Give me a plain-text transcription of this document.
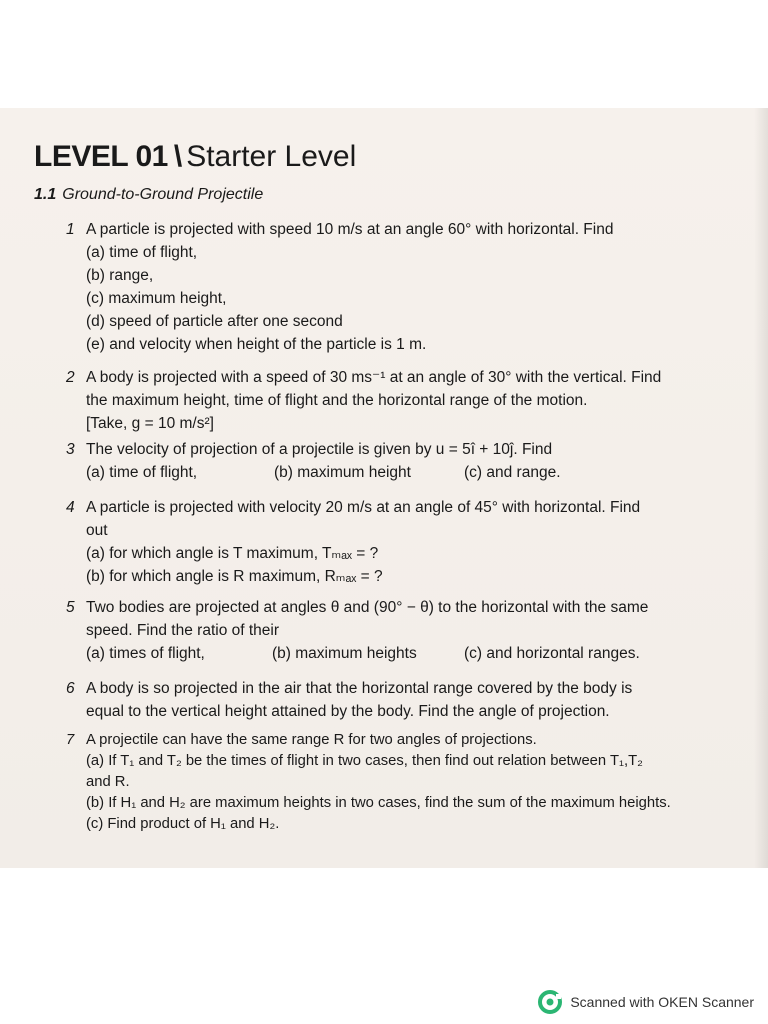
LEVEL 01 \ Starter Level
1.1 Ground-to-Ground Projectile
1 A particle is projected with speed 10 m/s at an angle 60° with horizontal. Find
(a) time of flight,
(b) range,
(c) maximum height,
(d) speed of particle after one second
(e) and velocity when height of the particle is 1 m.
2 A body is projected with a speed of 30 ms⁻¹ at an angle of 30° with the vertical. Find
the maximum height, time of flight and the horizontal range of the motion.
[Take, g = 10 m/s²]
3 The velocity of projection of a projectile is given by u = 5î + 10ĵ. Find
(a) time of flight,	(b) maximum height	(c) and range.
4 A particle is projected with velocity 20 m/s at an angle of 45° with horizontal. Find
out
(a) for which angle is T maximum, Tₘₐₓ = ?
(b) for which angle is R maximum, Rₘₐₓ = ?
5 Two bodies are projected at angles θ and (90° − θ) to the horizontal with the same
speed. Find the ratio of their
(a) times of flight,	(b) maximum heights	(c) and horizontal ranges.
6 A body is so projected in the air that the horizontal range covered by the body is
equal to the vertical height attained by the body. Find the angle of projection.
7 A projectile can have the same range R for two angles of projections.
(a) If T₁ and T₂ be the times of flight in two cases, then find out relation between T₁,T₂
and R.
(b) If H₁ and H₂ are maximum heights in two cases, find the sum of the maximum heights.
(c) Find product of H₁ and H₂.
Scanned with OKEN Scanner
